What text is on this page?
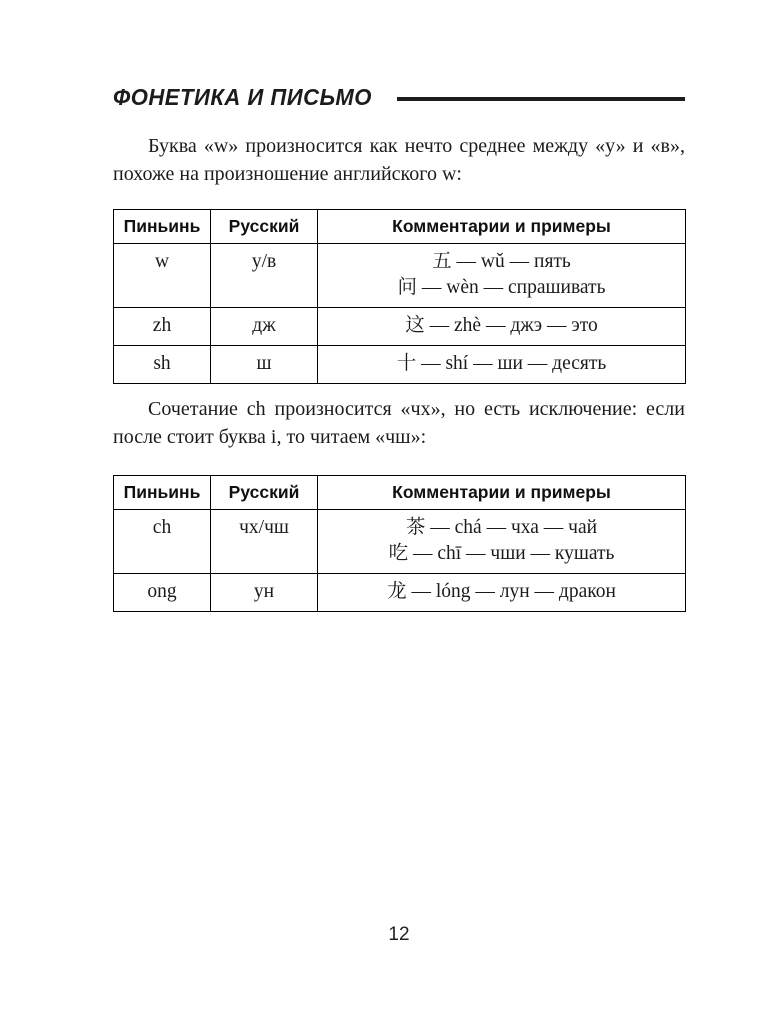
ФОНЕТИКА И ПИСЬМО

Буква «w» произносится как нечто среднее между «у» и «в», похоже на произношение английского w:

Пиньинь	Русский	Комментарии и примеры
w	у/в	五 — wǔ — пять
问 — wèn — спрашивать

zh	дж	这 — zhè — джэ — это

sh	ш	十 — shí — ши — десять

Сочетание ch произносится «чх», но есть исключение: если после стоит буква i, то читаем «чш»:

Пиньинь	Русский	Комментарии и примеры
ch	чх/чш	茶 — chá — чха — чай
吃 — chī — чши — кушать

ong	ун	龙 — lóng — лун — дракон
12
